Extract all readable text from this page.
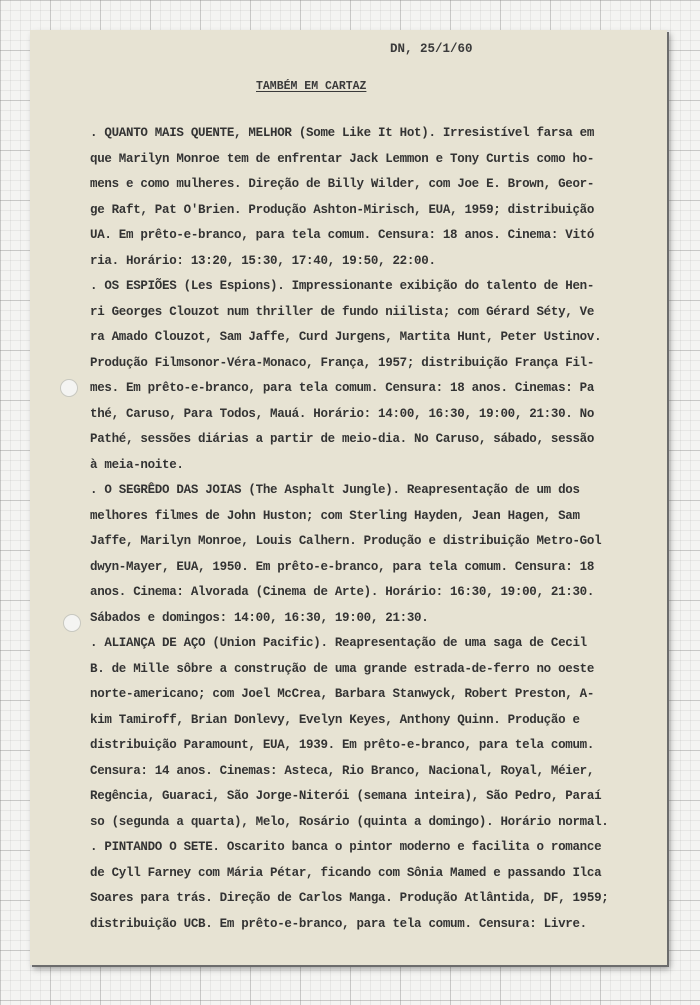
DN, 25/1/60
TAMBÉM EM CARTAZ
. QUANTO MAIS QUENTE, MELHOR (Some Like It Hot). Irresistível farsa em
que Marilyn Monroe tem de enfrentar Jack Lemmon e Tony Curtis como ho-
mens e como mulheres. Direção de Billy Wilder, com Joe E. Brown, Geor-
ge Raft, Pat O'Brien. Produção Ashton-Mirisch, EUA, 1959; distribuição
UA. Em prêto-e-branco, para tela comum. Censura: 18 anos. Cinema: Vitó
ria. Horário: 13:20, 15:30, 17:40, 19:50, 22:00.
. OS ESPIÕES (Les Espions). Impressionante exibição do talento de Hen-
ri Georges Clouzot num thriller de fundo niilista; com Gérard Séty, Ve
ra Amado Clouzot, Sam Jaffe, Curd Jurgens, Martita Hunt, Peter Ustinov.
Produção Filmsonor-Véra-Monaco, França, 1957; distribuição França Fil-
mes. Em prêto-e-branco, para tela comum. Censura: 18 anos. Cinemas: Pa
thé, Caruso, Para Todos, Mauá. Horário: 14:00, 16:30, 19:00, 21:30. No
Pathé, sessões diárias a partir de meio-dia. No Caruso, sábado, sessão
à meia-noite.
. O SEGRÊDO DAS JOIAS (The Asphalt Jungle). Reapresentação de um dos
melhores filmes de John Huston; com Sterling Hayden, Jean Hagen, Sam
Jaffe, Marilyn Monroe, Louis Calhern. Produção e distribuição Metro-Gol
dwyn-Mayer, EUA, 1950. Em prêto-e-branco, para tela comum. Censura: 18
anos. Cinema: Alvorada (Cinema de Arte). Horário: 16:30, 19:00, 21:30.
Sábados e domingos: 14:00, 16:30, 19:00, 21:30.
. ALIANÇA DE AÇO (Union Pacific). Reapresentação de uma saga de Cecil
B. de Mille sôbre a construção de uma grande estrada-de-ferro no oeste
norte-americano; com Joel McCrea, Barbara Stanwyck, Robert Preston, A-
kim Tamiroff, Brian Donlevy, Evelyn Keyes, Anthony Quinn. Produção e
distribuição Paramount, EUA, 1939. Em prêto-e-branco, para tela comum.
Censura: 14 anos. Cinemas: Asteca, Rio Branco, Nacional, Royal, Méier,
Regência, Guaraci, São Jorge-Niterói (semana inteira), São Pedro, Paraí
so (segunda a quarta), Melo, Rosário (quinta a domingo). Horário normal.
. PINTANDO O SETE. Oscarito banca o pintor moderno e facilita o romance
de Cyll Farney com Mária Pétar, ficando com Sônia Mamed e passando Ilca
Soares para trás. Direção de Carlos Manga. Produção Atlântida, DF, 1959;
distribuição UCB. Em prêto-e-branco, para tela comum. Censura: Livre.
